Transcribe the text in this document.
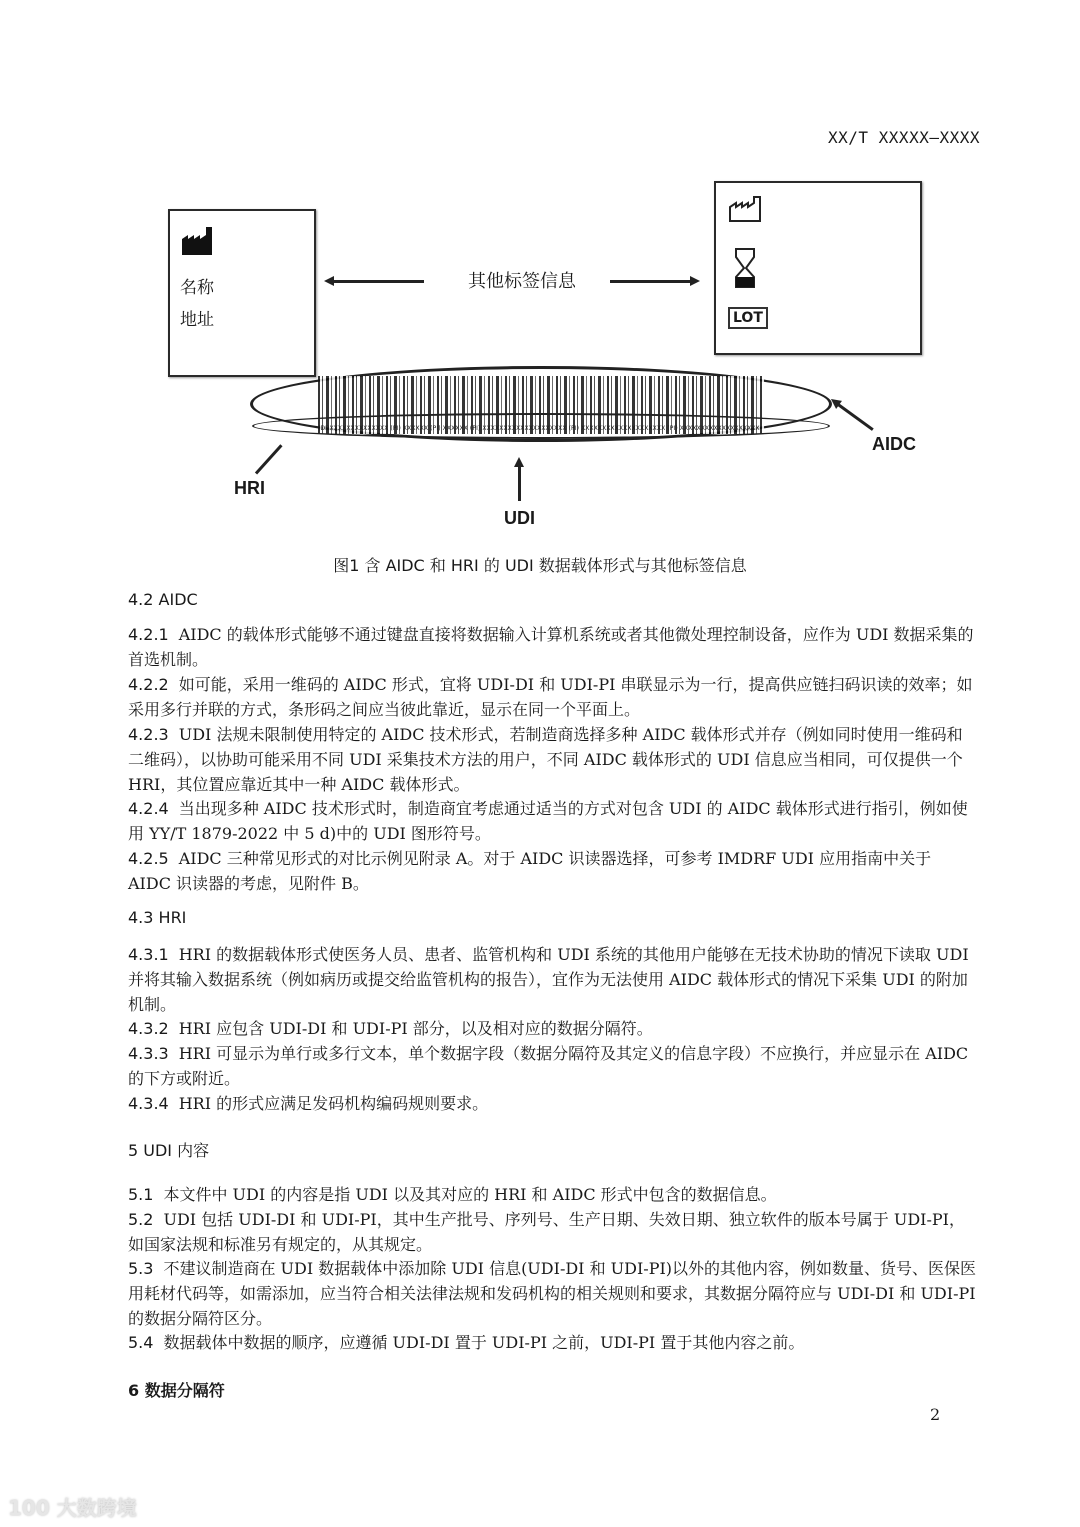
XX/T XXXXX—XXXX
名称
地址
其他标签信息
LOT
(DI)XXXXXXXXXXXXXX (PI) XXXXXX (PI) XXXXXX (PI) XXXXXXXXXXXXXXXXXXXX (PI) XXXXXXXXXXXXXXXXXXXX (PI) XXXXXXXXXXXXXXXXXXX
AIDC
HRI
UDI
图1 含 AIDC 和 HRI 的 UDI 数据载体形式与其他标签信息
4.2 AIDC
4.2.1 AIDC 的载体形式能够不通过键盘直接将数据输入计算机系统或者其他微处理控制设备，应作为 UDI 数据采集的首选机制。
4.2.2 如可能，采用一维码的 AIDC 形式，宜将 UDI-DI 和 UDI-PI 串联显示为一行，提高供应链扫码识读的效率；如采用多行并联的方式，条形码之间应当彼此靠近，显示在同一个平面上。
4.2.3 UDI 法规未限制使用特定的 AIDC 技术形式，若制造商选择多种 AIDC 载体形式并存（例如同时使用一维码和二维码），以协助可能采用不同 UDI 采集技术方法的用户，不同 AIDC 载体形式的 UDI 信息应当相同，可仅提供一个 HRI，其位置应靠近其中一种 AIDC 载体形式。
4.2.4 当出现多种 AIDC 技术形式时，制造商宜考虑通过适当的方式对包含 UDI 的 AIDC 载体形式进行指引，例如使用 YY/T 1879-2022 中 5 d)中的 UDI 图形符号。
4.2.5 AIDC 三种常见形式的对比示例见附录 A。对于 AIDC 识读器选择，可参考 IMDRF UDI 应用指南中关于 AIDC 识读器的考虑，见附件 B。
4.3 HRI
4.3.1 HRI 的数据载体形式使医务人员、患者、监管机构和 UDI 系统的其他用户能够在无技术协助的情况下读取 UDI 并将其输入数据系统（例如病历或提交给监管机构的报告），宜作为无法使用 AIDC 载体形式的情况下采集 UDI 的附加机制。
4.3.2 HRI 应包含 UDI-DI 和 UDI-PI 部分，以及相对应的数据分隔符。
4.3.3 HRI 可显示为单行或多行文本，单个数据字段（数据分隔符及其定义的信息字段）不应换行，并应显示在 AIDC 的下方或附近。
4.3.4 HRI 的形式应满足发码机构编码规则要求。
5 UDI 内容
5.1 本文件中 UDI 的内容是指 UDI 以及其对应的 HRI 和 AIDC 形式中包含的数据信息。
5.2 UDI 包括 UDI-DI 和 UDI-PI，其中生产批号、序列号、生产日期、失效日期、独立软件的版本号属于 UDI-PI，如国家法规和标准另有规定的，从其规定。
5.3 不建议制造商在 UDI 数据载体中添加除 UDI 信息(UDI-DI 和 UDI-PI)以外的其他内容，例如数量、货号、医保医用耗材代码等，如需添加，应当符合相关法律法规和发码机构的相关规则和要求，其数据分隔符应与 UDI-DI 和 UDI-PI 的数据分隔符区分。
5.4 数据载体中数据的顺序，应遵循 UDI-DI 置于 UDI-PI 之前，UDI-PI 置于其他内容之前。
6 数据分隔符
2
100 大数跨境
